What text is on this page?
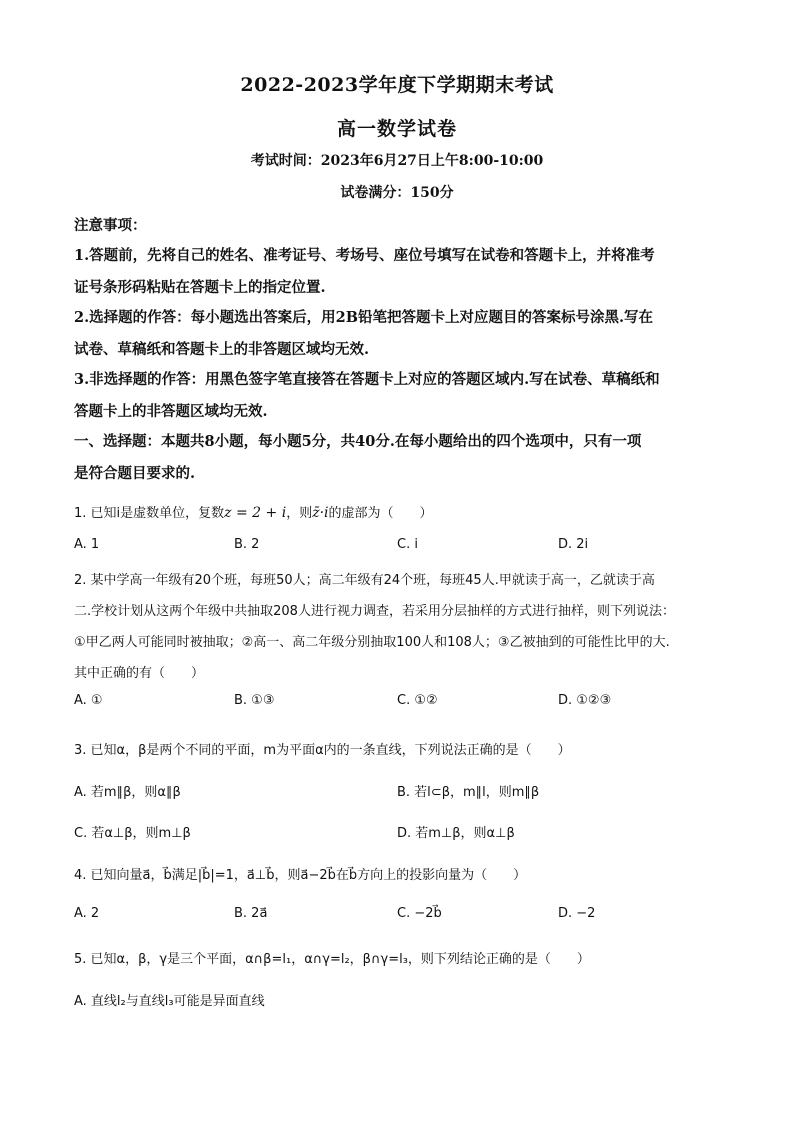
2022-2023学年度下学期期末考试
高一数学试卷
考试时间：2023年6月27日上午8:00-10:00
试卷满分：150分
注意事项：
1.答题前，先将自己的姓名、准考证号、考场号、座位号填写在试卷和答题卡上，并将准考
证号条形码粘贴在答题卡上的指定位置.
2.选择题的作答：每小题选出答案后，用2B铅笔把答题卡上对应题目的答案标号涂黑.写在
试卷、草稿纸和答题卡上的非答题区域均无效.
3.非选择题的作答：用黑色签字笔直接答在答题卡上对应的答题区域内.写在试卷、草稿纸和
答题卡上的非答题区域均无效.
一、选择题：本题共8小题，每小题5分，共40分.在每小题给出的四个选项中，只有一项
是符合题目要求的.
1. 已知i是虚数单位，复数z = 2 + i，则z̄·i的虚部为（　　）
A. 1	B. 2	C. i	D. 2i
2. 某中学高一年级有20个班，每班50人；高二年级有24个班，每班45人.甲就读于高一，乙就读于高
二.学校计划从这两个年级中共抽取208人进行视力调查，若采用分层抽样的方式进行抽样，则下列说法：
①甲乙两人可能同时被抽取；②高一、高二年级分别抽取100人和108人；③乙被抽到的可能性比甲的大.
其中正确的有（　　）
A. ①	B. ①③	C. ①②	D. ①②③
3. 已知α，β是两个不同的平面，m为平面α内的一条直线，下列说法正确的是（　　）
A. 若m∥β，则α∥β	B. 若l⊂β，m∥l，则m∥β
C. 若α⊥β，则m⊥β	D. 若m⊥β，则α⊥β
4. 已知向量a⃗，b⃗满足|b⃗|=1，a⃗⊥b⃗，则a⃗−2b⃗在b⃗方向上的投影向量为（　　）
A. 2	B. 2a⃗	C. −2b⃗	D. −2
5. 已知α，β，γ是三个平面，α∩β=l₁，α∩γ=l₂，β∩γ=l₃，则下列结论正确的是（　　）
A. 直线l₂与直线l₃可能是异面直线
